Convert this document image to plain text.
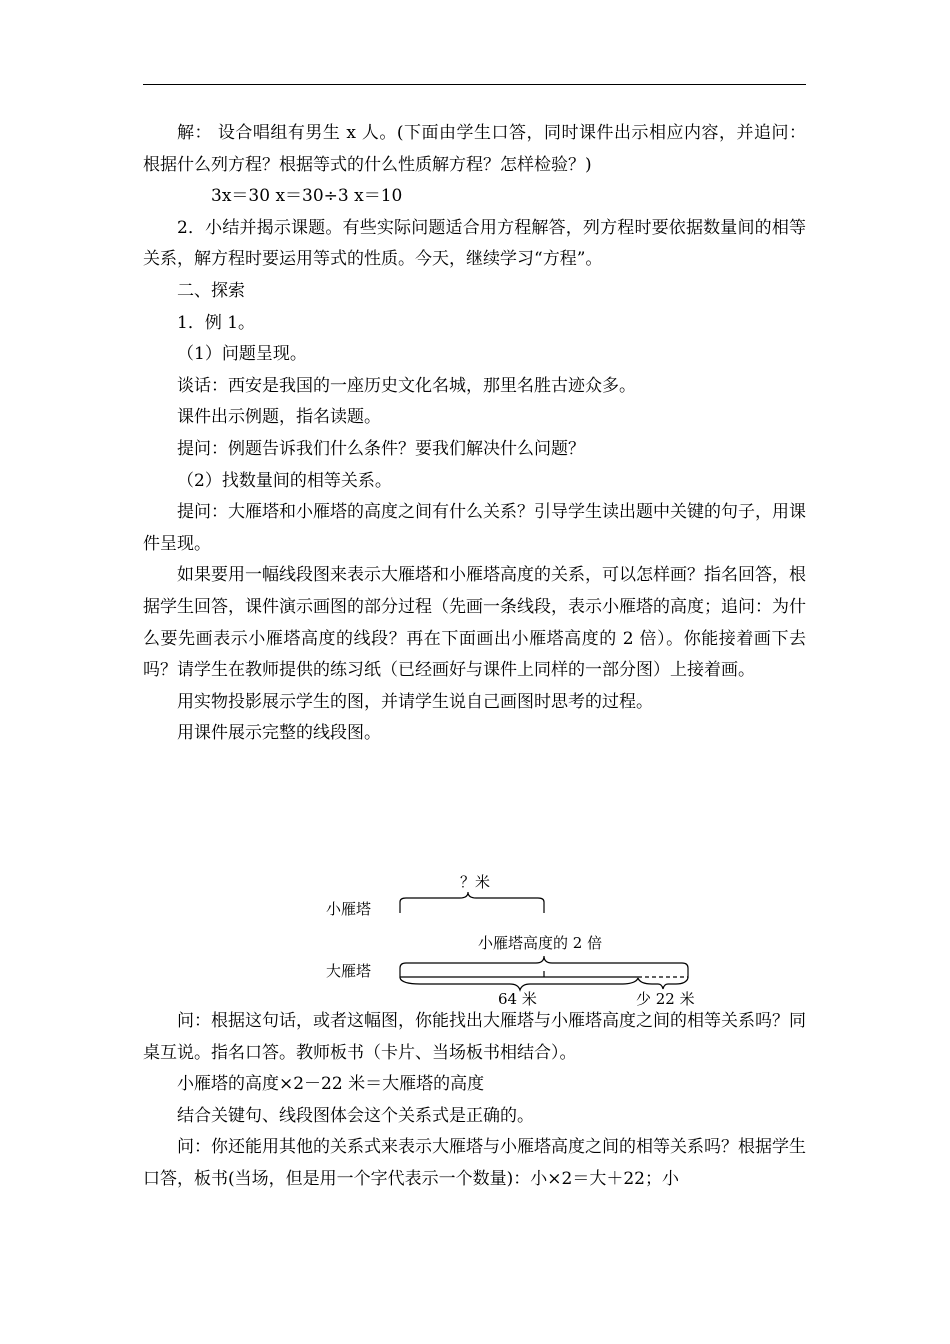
解： 设合唱组有男生 x 人。(下面由学生口答，同时课件出示相应内容，并追问： 根据什么列方程？根据等式的什么性质解方程？怎样检验？)

3x＝30 x＝30÷3 x＝10

2．小结并揭示课题。有些实际问题适合用方程解答，列方程时要依据数量间的相等关系，解方程时要运用等式的性质。今天，继续学习“方程”。

二、探索

1．例 1。

（1）问题呈现。

谈话：西安是我国的一座历史文化名城，那里名胜古迹众多。

课件出示例题，指名读题。

提问：例题告诉我们什么条件？要我们解决什么问题？

（2）找数量间的相等关系。

提问：大雁塔和小雁塔的高度之间有什么关系？引导学生读出题中关键的句子，用课件呈现。

如果要用一幅线段图来表示大雁塔和小雁塔高度的关系，可以怎样画？指名回答，根据学生回答，课件演示画图的部分过程（先画一条线段，表示小雁塔的高度；追问：为什么要先画表示小雁塔高度的线段？再在下面画出小雁塔高度的 2 倍）。你能接着画下去吗？请学生在教师提供的练习纸（已经画好与课件上同样的一部分图）上接着画。

用实物投影展示学生的图，并请学生说自己画图时思考的过程。

用课件展示完整的线段图。

？米
小雁塔
小雁塔高度的 2 倍
大雁塔
64 米	少 22 米

问：根据这句话，或者这幅图，你能找出大雁塔与小雁塔高度之间的相等关系吗？同桌互说。指名口答。教师板书（卡片、当场板书相结合）。

小雁塔的高度×2－22 米＝大雁塔的高度

结合关键句、线段图体会这个关系式是正确的。

问：你还能用其他的关系式来表示大雁塔与小雁塔高度之间的相等关系吗？根据学生口答，板书(当场，但是用一个字代表示一个数量)：小×2＝大＋22；小
